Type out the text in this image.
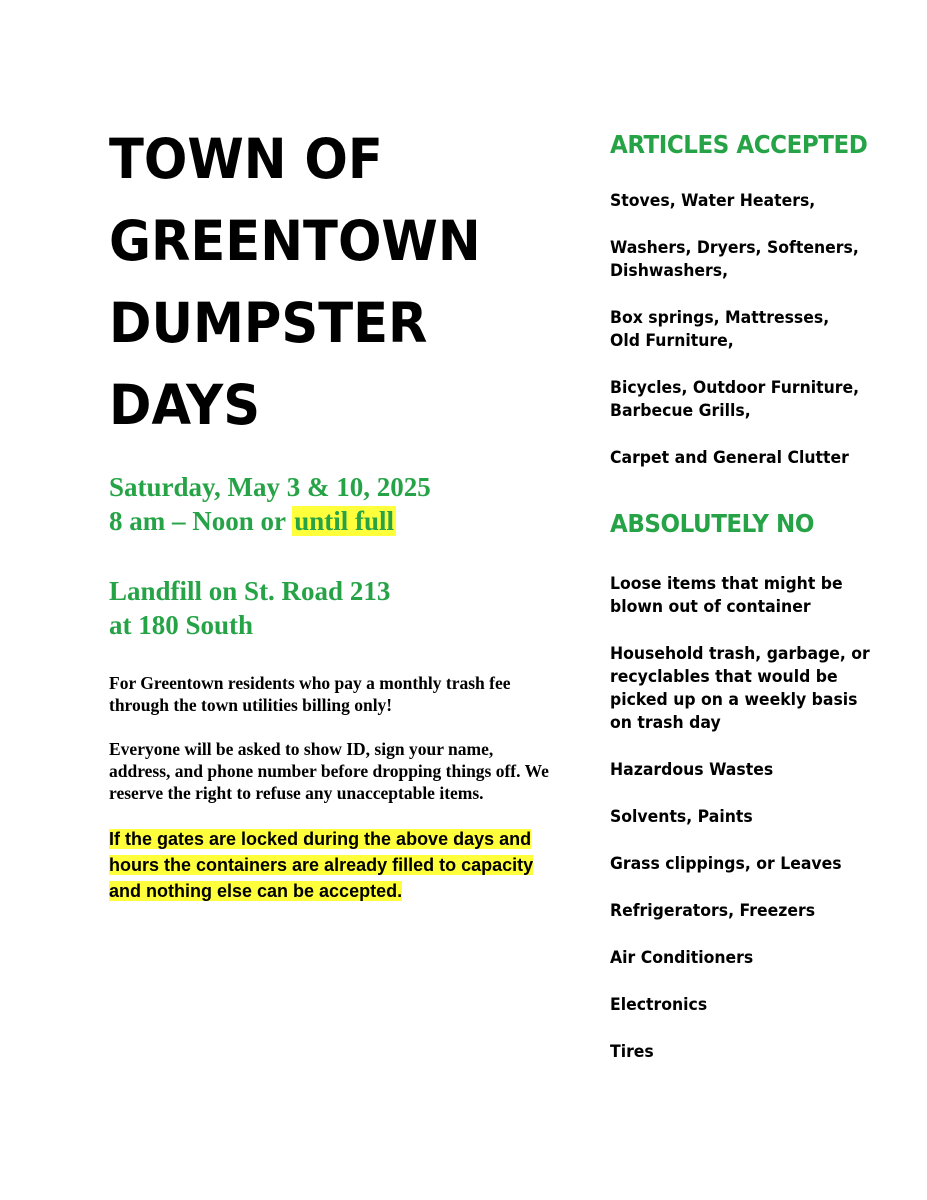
TOWN OF
GREENTOWN
DUMPSTER
DAYS

Saturday, May 3 & 10, 2025

8 am – Noon or until full

Landfill on St. Road 213

at 180 South

For Greentown residents who pay a monthly trash fee through the town utilities billing only!

Everyone will be asked to show ID, sign your name, address, and phone number before dropping things off. We reserve the right to refuse any unacceptable items.

If the gates are locked during the above days and hours the containers are already filled to capacity and nothing else can be accepted.

ARTICLES ACCEPTED

Stoves, Water Heaters,

Washers, Dryers, Softeners,
Dishwashers,

Box springs, Mattresses,
Old Furniture,

Bicycles, Outdoor Furniture,
Barbecue Grills,

Carpet and General Clutter

ABSOLUTELY NO

Loose items that might be
blown out of container

Household trash, garbage, or
recyclables that would be
picked up on a weekly basis
on trash day

Hazardous Wastes

Solvents, Paints

Grass clippings, or Leaves

Refrigerators, Freezers

Air Conditioners

Electronics

Tires
